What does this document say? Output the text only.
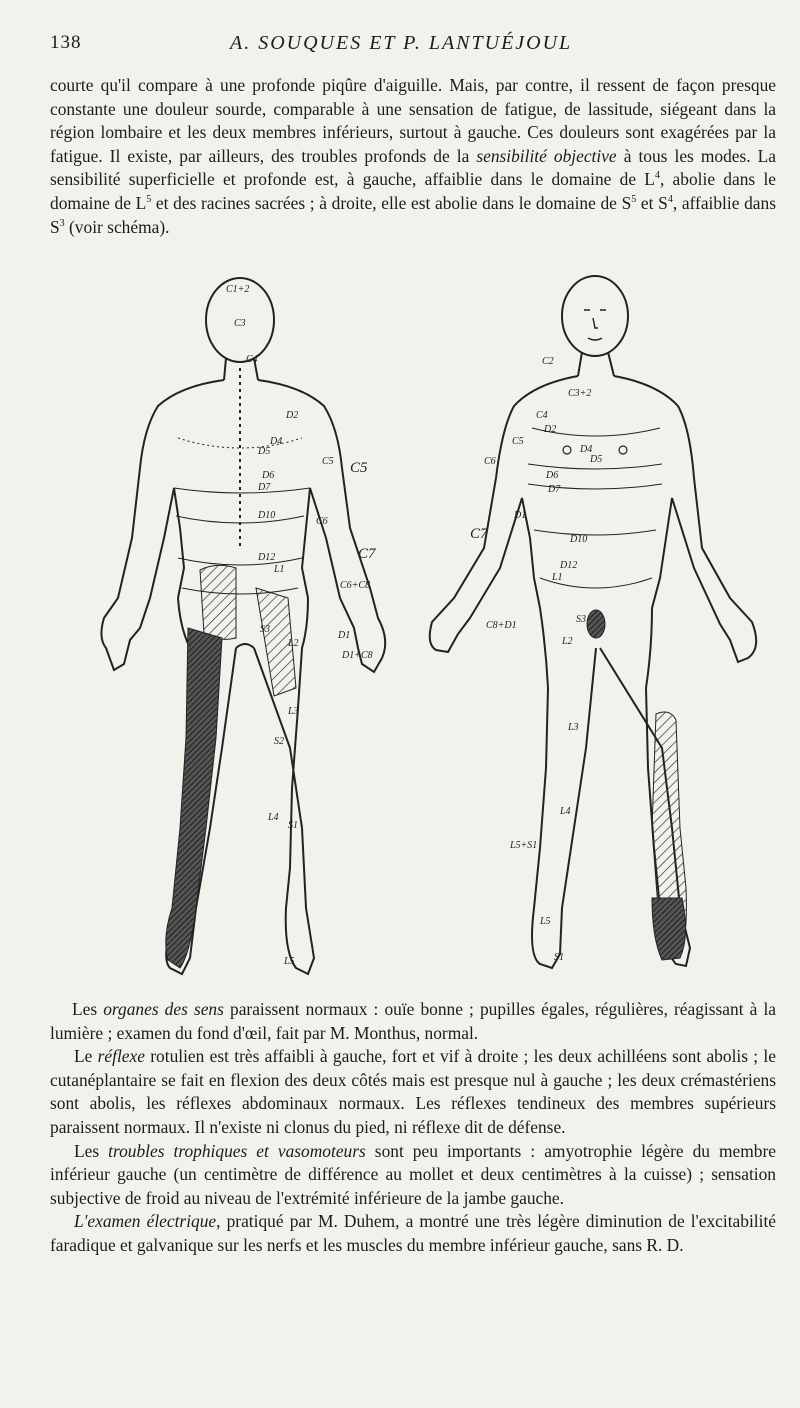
138	A. SOUQUES ET P. LANTUÉJOUL

courte qu'il compare à une profonde piqûre d'aiguille. Mais, par contre, il ressent de façon presque constante une douleur sourde, comparable à une sensation de fatigue, de lassitude, siégeant dans la région lombaire et les deux membres inférieurs, surtout à gauche. Ces douleurs sont exagérées par la fatigue. Il existe, par ailleurs, des troubles profonds de la sensibilité objective à tous les modes. La sensibilité superficielle et profonde est, à gauche, affaiblie dans le domaine de $L^4$, abolie dans le domaine de $L^5$ et des racines sacrées ; à droite, elle est abolie dans le domaine de $S^5$ et $S^4$, affaiblie dans $S^3$ (voir schéma).

C1+2
C3
C4
D2
D4
D5
D6
D7
D10
D12
L1
C5
C6
D1
S3
L2
L3
S2
L4
S1
L5
C5
C7
C6+C8
D1+C8
C2
C3+2
C4
D2
D4
D5
D6
D7
D10
D12
L1
S3
L2
L3
L4
L5
S1
C5
C6
D1
C7
C8+D1
L5+S1

Les organes des sens paraissent normaux : ouïe bonne ; pupilles égales, régulières, réagissant à la lumière ; examen du fond d'œil, fait par M. Monthus, normal.

Le réflexe rotulien est très affaibli à gauche, fort et vif à droite ; les deux achilléens sont abolis ; le cutanéplantaire se fait en flexion des deux côtés mais est presque nul à gauche ; les deux crémastériens sont abolis, les réflexes abdominaux normaux. Les réflexes tendineux des membres supérieurs paraissent normaux. Il n'existe ni clonus du pied, ni réflexe dit de défense.

Les troubles trophiques et vasomoteurs sont peu importants : amyotrophie légère du membre inférieur gauche (un centimètre de différence au mollet et deux centimètres à la cuisse) ; sensation subjective de froid au niveau de l'extrémité inférieure de la jambe gauche.

L'examen électrique, pratiqué par M. Duhem, a montré une très légère diminution de l'excitabilité faradique et galvanique sur les nerfs et les muscles du membre inférieur gauche, sans R. D.
